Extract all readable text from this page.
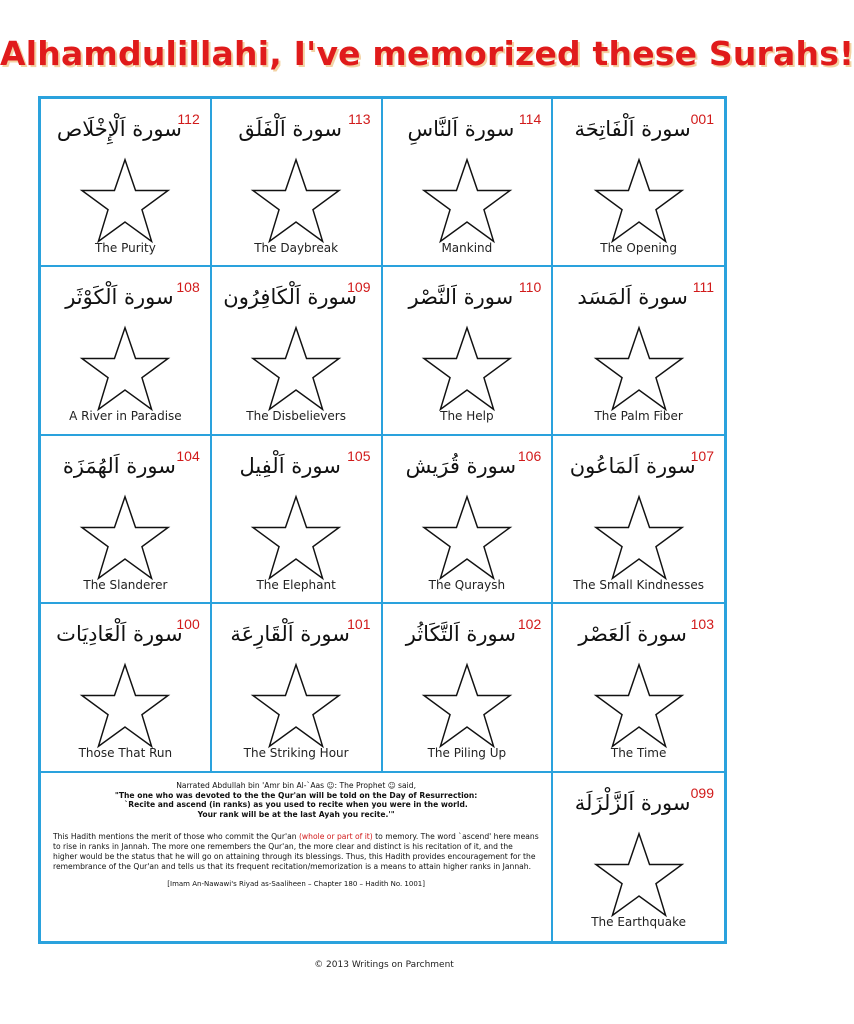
Alhamdulillahi, I've memorized these Surahs!
112
سورة اَلْإِخْلَاص
The Purity
113
سورة اَلْفَلَق
The Daybreak
114
سورة اَلنَّاسِ
Mankind
001
سورة اَلْفَاتِحَة
The Opening
108
سورة اَلْكَوْثَر
A River in Paradise
109
سورة اَلْكَافِرُون
The Disbelievers
110
سورة اَلنَّصْر
The Help
111
سورة اَلمَسَد
The Palm Fiber
104
سورة اَلهُمَزَة
The Slanderer
105
سورة اَلْفِيل
The Elephant
106
سورة قُرَيش
The Quraysh
107
سورة اَلمَاعُون
The Small Kindnesses
100
سورة اَلْعَادِيَات
Those That Run
101
سورة اَلْقَارِعَة
The Striking Hour
102
سورة اَلتَّكَاثُر
The Piling Up
103
سورة اَلعَصْر
The Time
Narrated Abdullah bin 'Amr bin Al-`Aas ☺: The Prophet ☺ said,
"The one who was devoted to the the Qur'an will be told on the Day of Resurrection:
`Recite and ascend (in ranks) as you used to recite when you were in the world.
Your rank will be at the last Ayah you recite.'"
This Hadith mentions the merit of those who commit the Qur'an (whole or part of it) to memory. The word `ascend' here means to rise in ranks in Jannah. The more one remembers the Qur'an, the more clear and distinct is his recitation of it, and the higher would be the status that he will go on attaining through its blessings. Thus, this Hadith provides encouragement for the remembrance of the Qur'an and tells us that its frequent recitation/memorization is a means to attain higher ranks in Jannah.
[Imam An-Nawawi's Riyad as-Saaliheen – Chapter 180 – Hadith No. 1001]
099
سورة اَلزَّلْزَلَة
The Earthquake
© 2013 Writings on Parchment
